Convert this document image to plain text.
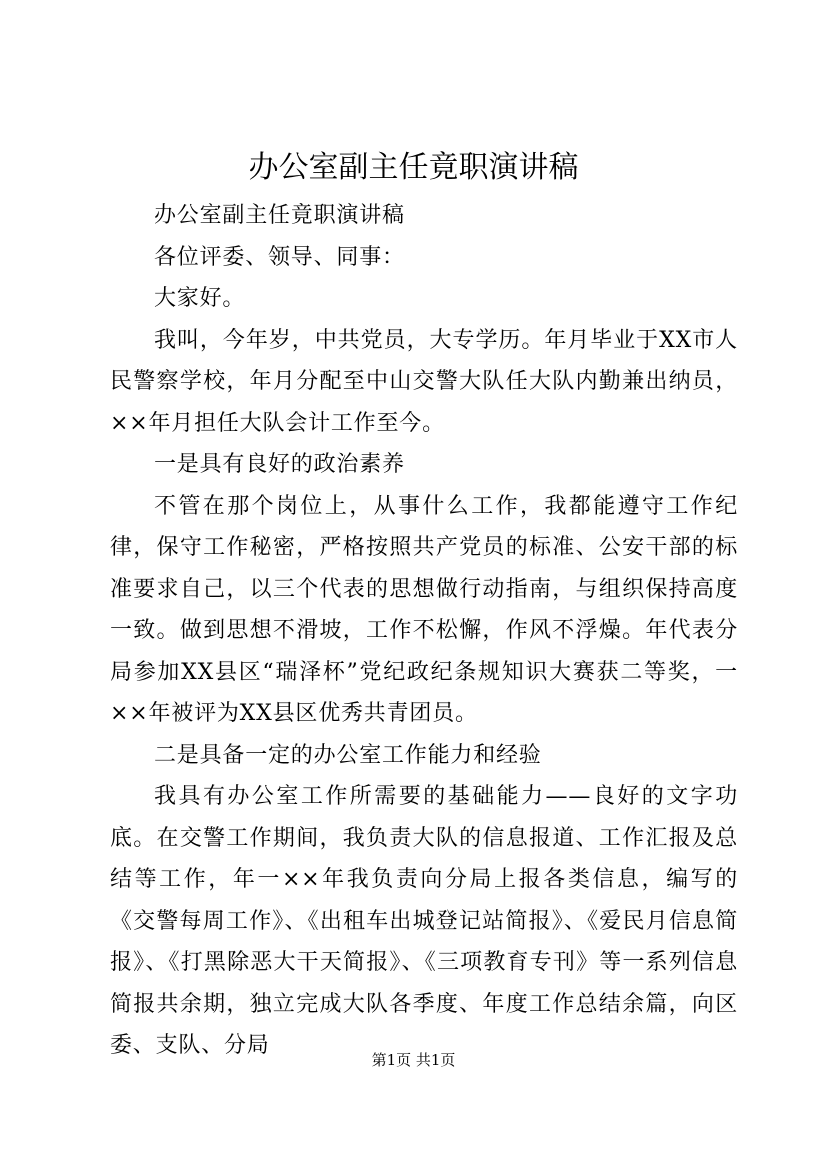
办公室副主任竟职演讲稿

办公室副主任竟职演讲稿

各位评委、领导、同事：

大家好。

我叫，今年岁，中共党员，大专学历。年月毕业于XX市人民警察学校，年月分配至中山交警大队任大队内勤兼出纳员，××年月担任大队会计工作至今。

一是具有良好的政治素养

不管在那个岗位上，从事什么工作，我都能遵守工作纪律，保守工作秘密，严格按照共产党员的标准、公安干部的标准要求自己，以三个代表的思想做行动指南，与组织保持高度一致。做到思想不滑坡，工作不松懈，作风不浮燥。年代表分局参加XX县区“瑞泽杯”党纪政纪条规知识大赛获二等奖，一××年被评为XX县区优秀共青团员。

二是具备一定的办公室工作能力和经验

我具有办公室工作所需要的基础能力——良好的文字功底。在交警工作期间，我负责大队的信息报道、工作汇报及总结等工作，年一××年我负责向分局上报各类信息，编写的《交警每周工作》、《出租车出城登记站简报》、《爱民月信息简报》、《打黑除恶大干天简报》、《三项教育专刊》等一系列信息简报共余期，独立完成大队各季度、年度工作总结余篇，向区委、支队、分局

第1页 共1页
